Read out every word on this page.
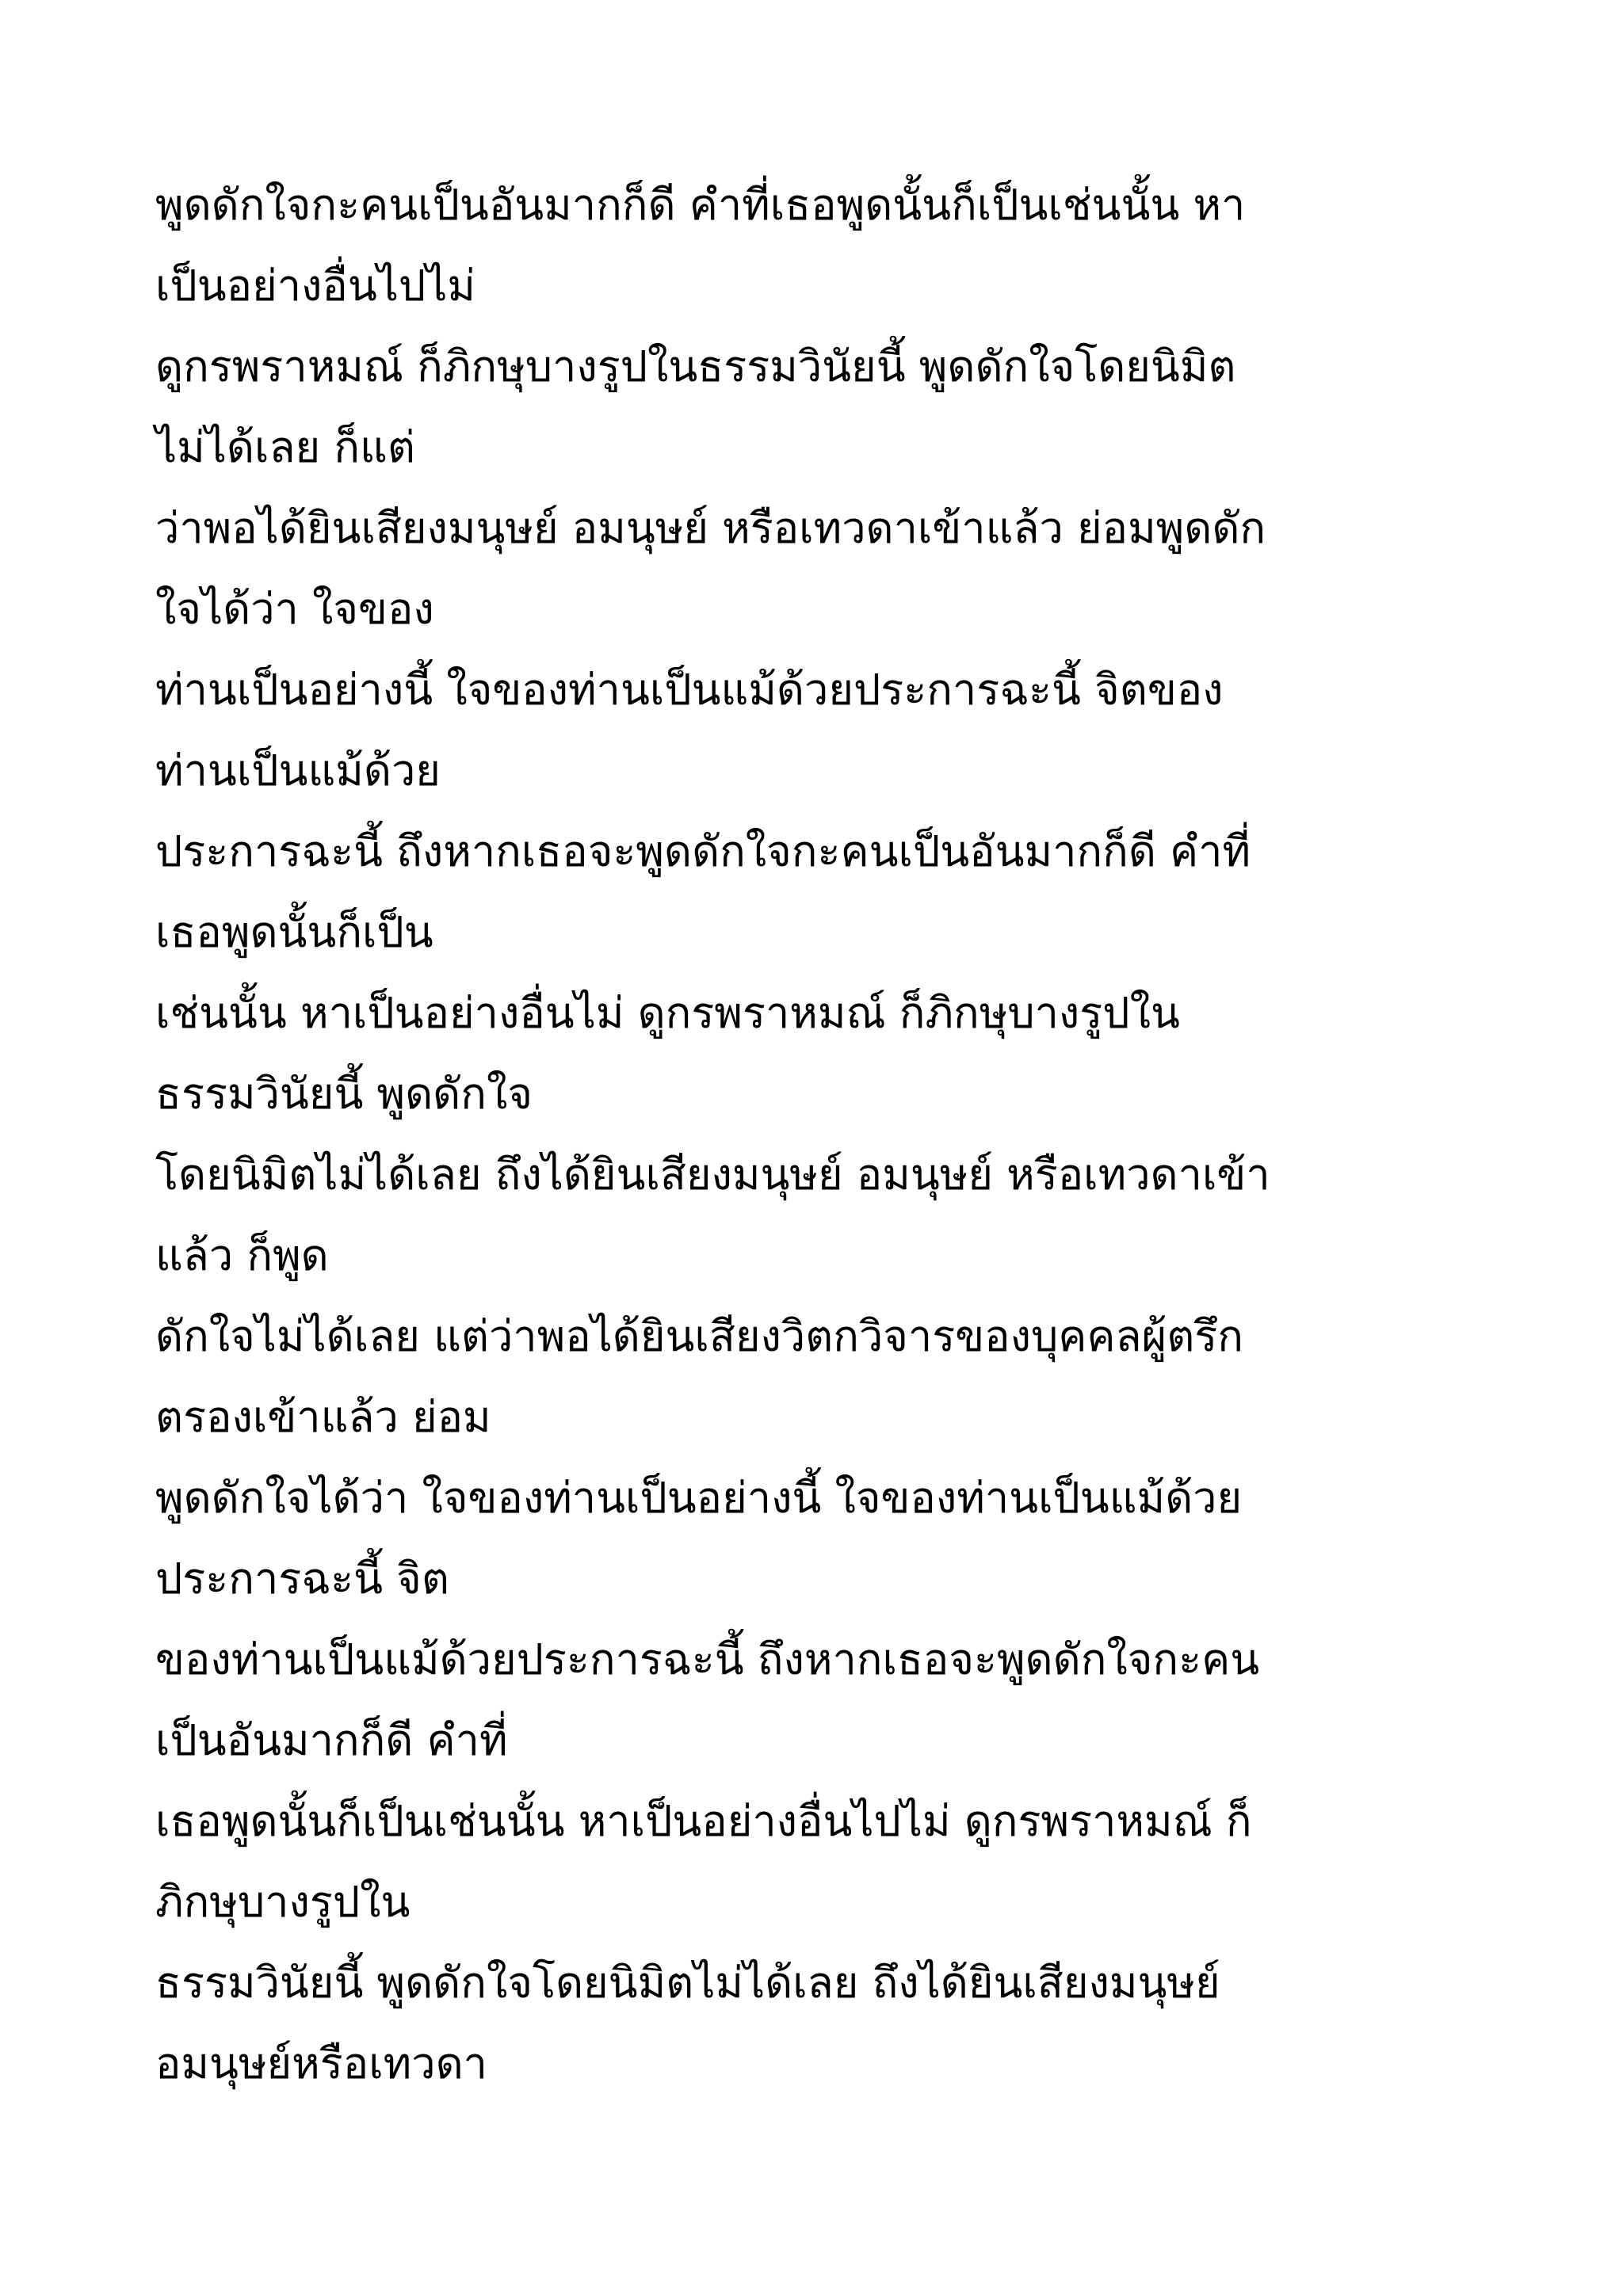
พูดดักใจกะคนเป็นอันมากก็ดี คำที่เธอพูดนั้นก็เป็นเช่นนั้น หา
เป็นอย่างอื่นไปไม่

ดูกรพราหมณ์ ก็ภิกษุบางรูปในธรรมวินัยนี้ พูดดักใจโดยนิมิต
ไม่ได้เลย ก็แต่

ว่าพอได้ยินเสียงมนุษย์ อมนุษย์ หรือเทวดาเข้าแล้ว ย่อมพูดดัก
ใจได้ว่า ใจของ

ท่านเป็นอย่างนี้ ใจของท่านเป็นแม้ด้วยประการฉะนี้ จิตของ
ท่านเป็นแม้ด้วย

ประการฉะนี้ ถึงหากเธอจะพูดดักใจกะคนเป็นอันมากก็ดี คำที่
เธอพูดนั้นก็เป็น

เช่นนั้น หาเป็นอย่างอื่นไม่ ดูกรพราหมณ์ ก็ภิกษุบางรูปใน
ธรรมวินัยนี้ พูดดักใจ

โดยนิมิตไม่ได้เลย ถึงได้ยินเสียงมนุษย์ อมนุษย์ หรือเทวดาเข้า
แล้ว ก็พูด

ดักใจไม่ได้เลย แต่ว่าพอได้ยินเสียงวิตกวิจารของบุคคลผู้ตรึก
ตรองเข้าแล้ว ย่อม

พูดดักใจได้ว่า ใจของท่านเป็นอย่างนี้ ใจของท่านเป็นแม้ด้วย
ประการฉะนี้ จิต

ของท่านเป็นแม้ด้วยประการฉะนี้ ถึงหากเธอจะพูดดักใจกะคน
เป็นอันมากก็ดี คำที่

เธอพูดนั้นก็เป็นเช่นนั้น หาเป็นอย่างอื่นไปไม่ ดูกรพราหมณ์ ก็
ภิกษุบางรูปใน

ธรรมวินัยนี้ พูดดักใจโดยนิมิตไม่ได้เลย ถึงได้ยินเสียงมนุษย์
อมนุษย์หรือเทวดา
